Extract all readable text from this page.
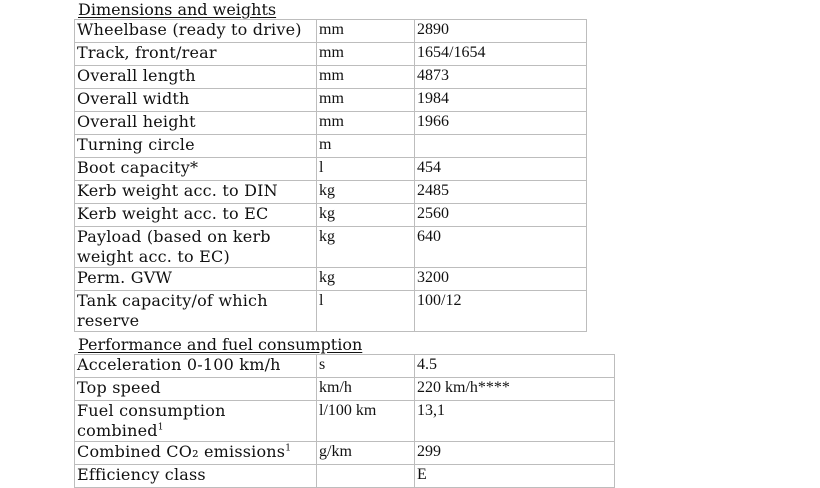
Dimensions and weights
Wheelbase (ready to drive)	mm	2890
Track, front/rear	mm	1654/1654
Overall length	mm	4873
Overall width	mm	1984
Overall height	mm	1966
Turning circle	m	
Boot capacity*	l	454
Kerb weight acc. to DIN	kg	2485
Kerb weight acc. to EC	kg	2560
Payload (based on kerb weight acc. to EC)	kg	640
Perm. GVW	kg	3200
Tank capacity/of which reserve	l	100/12
Performance and fuel consumption
Acceleration 0-100 km/h	s	4.5
Top speed	km/h	220 km/h****
Fuel consumption combined$^1$	l/100 km	13,1
Combined CO₂ emissions$^1$	g/km	299
Efficiency class		E
